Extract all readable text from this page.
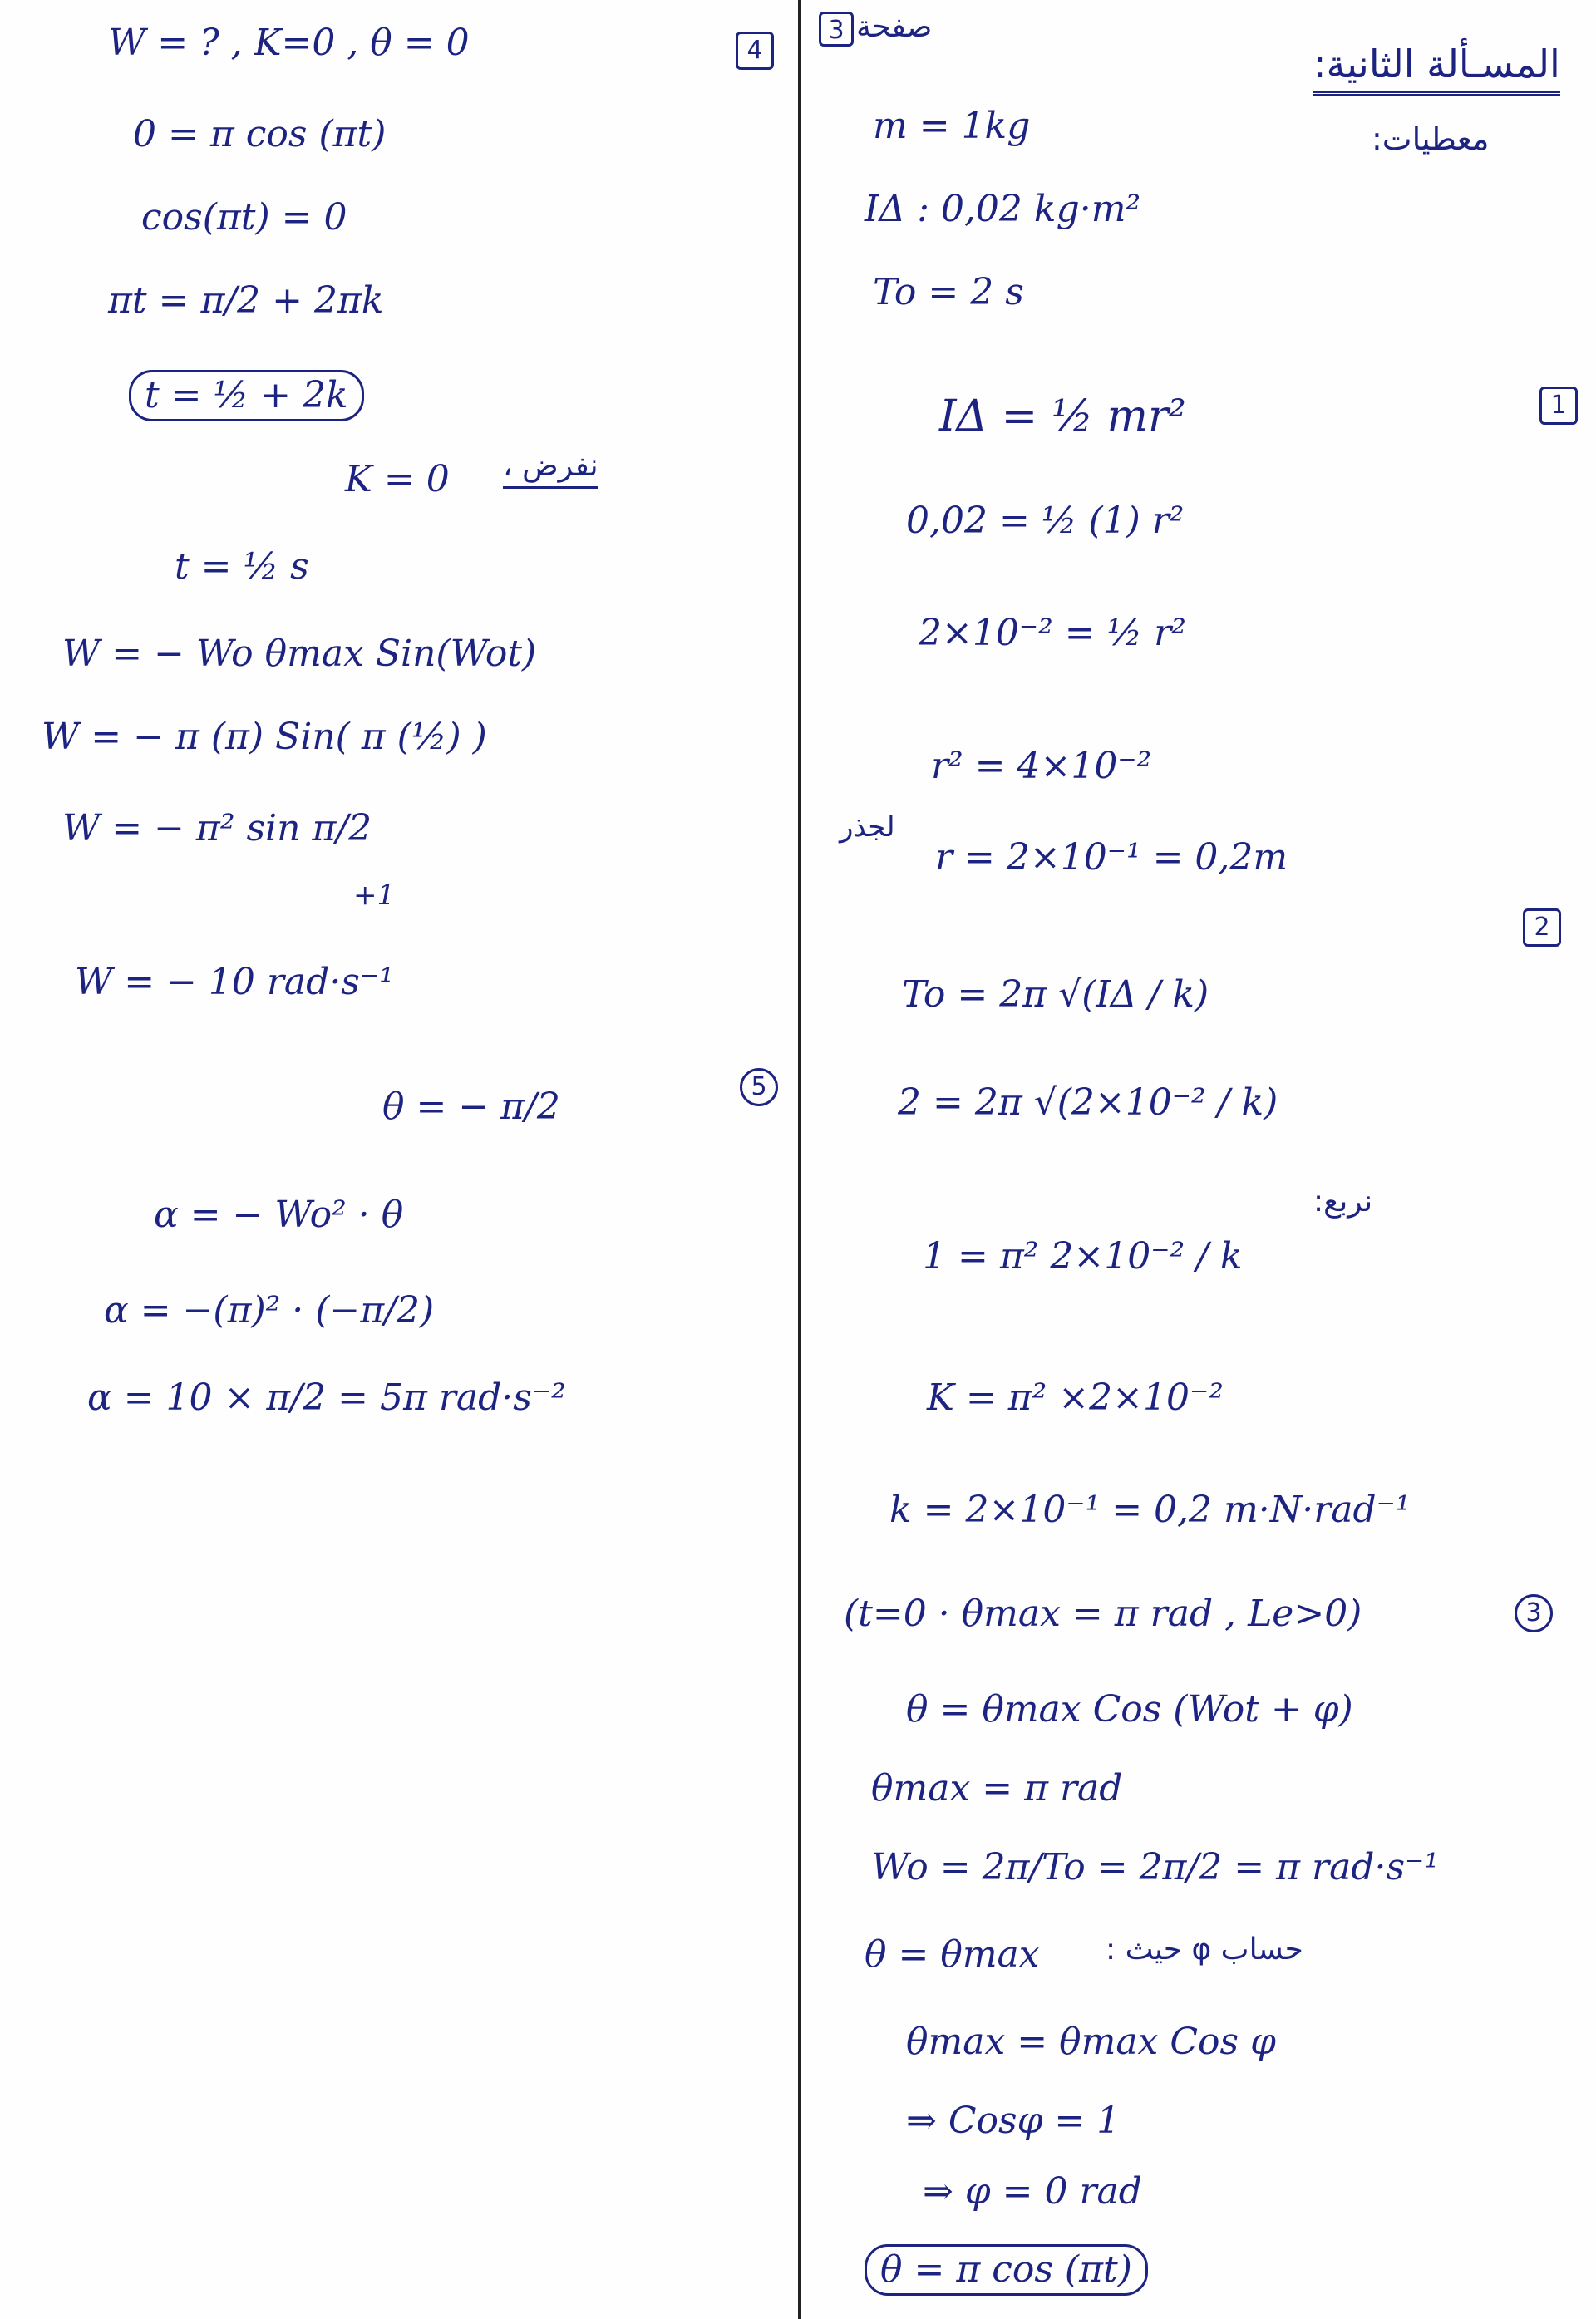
3 صفحة
المسـألة الثانية:
معطيات:
m = 1kg
IΔ : 0,02 kg·m²
To = 2 s
1
IΔ = ½ mr²
0,02 = ½ (1) r²
2×10⁻² = ½ r²
r² = 4×10⁻²
لجذر
r = 2×10⁻¹ = 0,2m
2
To = 2π √(IΔ / k)
2 = 2π √(2×10⁻² / k)
نربع:
1 = π² 2×10⁻² / k
K = π² ×2×10⁻²
k = 2×10⁻¹ = 0,2 m·N·rad⁻¹
3
(t=0 · θmax = π rad , Le>0)
θ = θmax Cos (Wot + φ)
θmax = π rad
Wo = 2π/To = 2π/2 = π rad·s⁻¹
θ = θmax حساب φ حيث :
θmax = θmax Cos φ
⇒ Cosφ = 1
⇒ φ = 0 rad
θ = π cos (πt)
4
W = ? , K=0 , θ = 0
0 = π cos (πt)
cos(πt) = 0
πt = π/2 + 2πk
t = ½ + 2k
نفرض ،
K = 0
t = ½ s
W = − Wo θmax Sin(Wot)
W = − π (π) Sin( π (½) )
W = − π² sin π/2
+1
W = − 10 rad·s⁻¹
5
θ = − π/2
α = − Wo² · θ
α = −(π)² · (−π/2)
α = 10 × π/2 = 5π rad·s⁻²
